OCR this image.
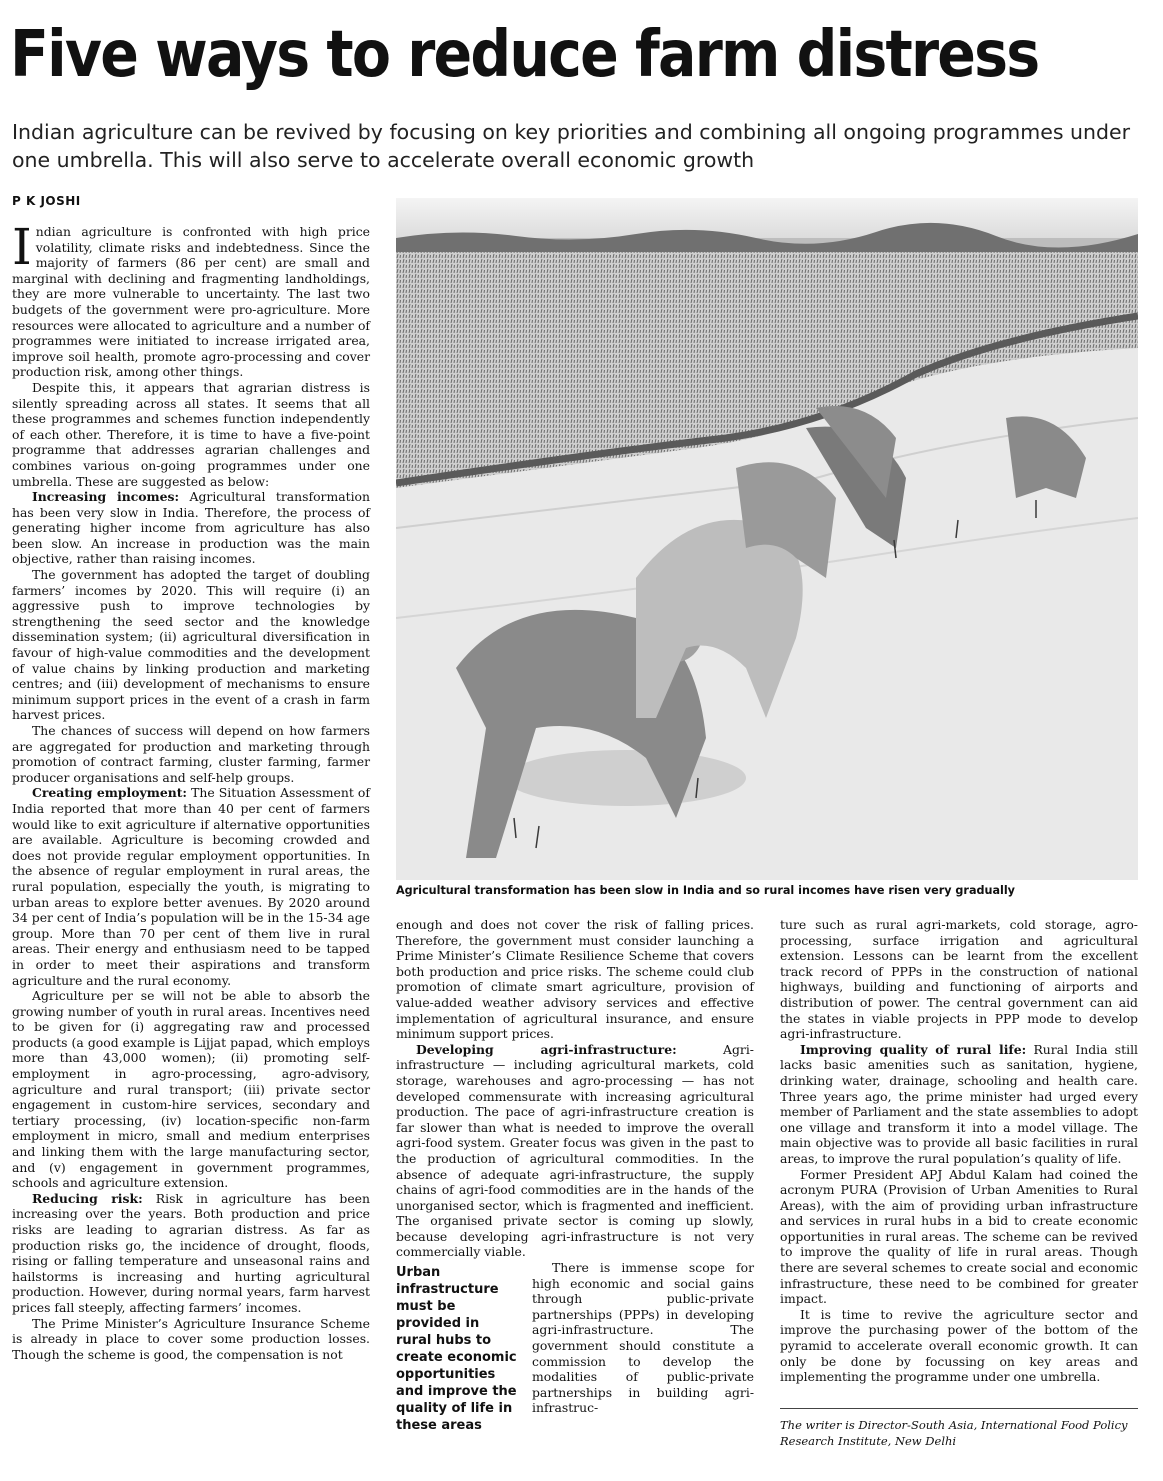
Five ways to reduce farm distress

Indian agriculture can be revived by focusing on key priorities and combining all ongoing programmes under one umbrella. This will also serve to accelerate overall economic growth

P K JOSHI

Indian agriculture is confronted with high price volatility, climate risks and indebtedness. Since the majority of farmers (86 per cent) are small and marginal with declining and fragmenting landholdings, they are more vulnerable to uncertainty. The last two budgets of the government were pro-agriculture. More resources were allocated to agriculture and a number of programmes were initiated to increase irrigated area, improve soil health, promote agro-processing and cover production risk, among other things.

Despite this, it appears that agrarian distress is silently spreading across all states. It seems that all these programmes and schemes function independently of each other. Therefore, it is time to have a five-point programme that addresses agrarian challenges and combines various on-going programmes under one umbrella. These are suggested as below:

Increasing incomes: Agricultural transformation has been very slow in India. Therefore, the process of generating higher income from agriculture has also been slow. An increase in production was the main objective, rather than raising incomes.

The government has adopted the target of doubling farmers’ incomes by 2020. This will require (i) an aggressive push to improve technologies by strengthening the seed sector and the knowledge dissemination system; (ii) agricultural diversification in favour of high-value commodities and the development of value chains by linking production and marketing centres; and (iii) development of mechanisms to ensure minimum support prices in the event of a crash in farm harvest prices.

The chances of success will depend on how farmers are aggregated for production and marketing through promotion of contract farming, cluster farming, farmer producer organisations and self-help groups.

Creating employment: The Situation Assessment of India reported that more than 40 per cent of farmers would like to exit agriculture if alternative opportunities are available. Agriculture is becoming crowded and does not provide regular employment opportunities. In the absence of regular employment in rural areas, the rural population, especially the youth, is migrating to urban areas to explore better avenues. By 2020 around 34 per cent of India’s population will be in the 15-34 age group. More than 70 per cent of them live in rural areas. Their energy and enthusiasm need to be tapped in order to meet their aspirations and transform agriculture and the rural economy.

Agriculture per se will not be able to absorb the growing number of youth in rural areas. Incentives need to be given for (i) aggregating raw and processed products (a good example is Lijjat papad, which employs more than 43,000 women); (ii) promoting self-employment in agro-processing, agro-advisory, agriculture and rural transport; (iii) private sector engagement in custom-hire services, secondary and tertiary processing, (iv) location-specific non-farm employment in micro, small and medium enterprises and linking them with the large manufacturing sector, and (v) engagement in government programmes, schools and agriculture extension.

Reducing risk: Risk in agriculture has been increasing over the years. Both production and price risks are leading to agrarian distress. As far as production risks go, the incidence of drought, floods, rising or falling temperature and unseasonal rains and hailstorms is increasing and hurting agricultural production. However, during normal years, farm harvest prices fall steeply, affecting farmers’ incomes.

The Prime Minister’s Agriculture Insurance Scheme is already in place to cover some production losses. Though the scheme is good, the compensation is not

Agricultural transformation has been slow in India and so rural incomes have risen very gradually

enough and does not cover the risk of falling prices. Therefore, the government must consider launching a Prime Minister’s Climate Resilience Scheme that covers both production and price risks. The scheme could club promotion of climate smart agriculture, provision of value-added weather advisory services and effective implementation of agricultural insurance, and ensure minimum support prices.

Developing agri-infrastructure: Agri-infrastructure — including agricultural markets, cold storage, warehouses and agro-processing — has not developed commensurate with increasing agricultural production. The pace of agri-infrastructure creation is far slower than what is needed to improve the overall agri-food system. Greater focus was given in the past to the production of agricultural commodities. In the absence of adequate agri-infrastructure, the supply chains of agri-food commodities are in the hands of the unorganised sector, which is fragmented and inefficient. The organised private sector is coming up slowly, because developing agri-infrastructure is not very commercially viable.

Urban infrastructure must be provided in rural hubs to create economic opportunities and improve the quality of life in these areas

There is immense scope for high economic and social gains through public-private partnerships (PPPs) in developing agri-infrastructure. The government should constitute a commission to develop the modalities of public-private partnerships in building agri-infrastruc-

ture such as rural agri-markets, cold storage, agro-processing, surface irrigation and agricultural extension. Lessons can be learnt from the excellent track record of PPPs in the construction of national highways, building and functioning of airports and distribution of power. The central government can aid the states in viable projects in PPP mode to develop agri-infrastructure.

Improving quality of rural life: Rural India still lacks basic amenities such as sanitation, hygiene, drinking water, drainage, schooling and health care. Three years ago, the prime minister had urged every member of Parliament and the state assemblies to adopt one village and transform it into a model village. The main objective was to provide all basic facilities in rural areas, to improve the rural population’s quality of life.

Former President APJ Abdul Kalam had coined the acronym PURA (Provision of Urban Amenities to Rural Areas), with the aim of providing urban infrastructure and services in rural hubs in a bid to create economic opportunities in rural areas. The scheme can be revived to improve the quality of life in rural areas. Though there are several schemes to create social and economic infrastructure, these need to be combined for greater impact.

It is time to revive the agriculture sector and improve the purchasing power of the bottom of the pyramid to accelerate overall economic growth. It can only be done by focussing on key areas and implementing the programme under one umbrella.

The writer is Director-South Asia, International Food Policy Research Institute, New Delhi
